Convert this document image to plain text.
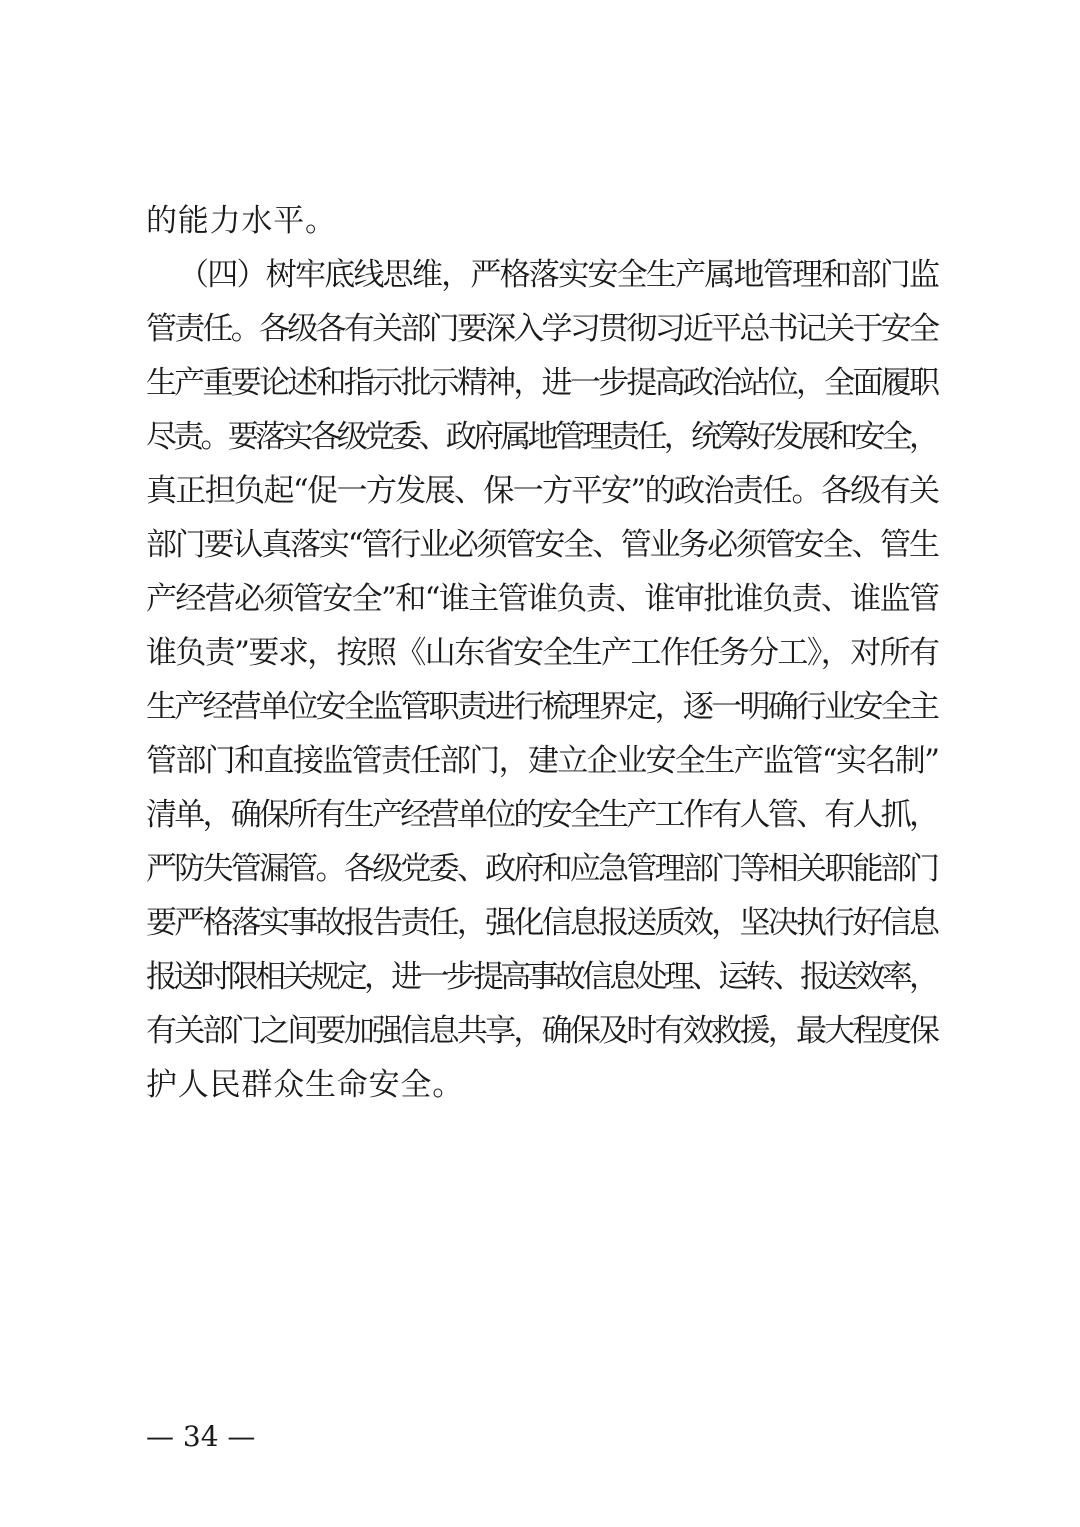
的能力水平。
（四）树牢底线思维，严格落实安全生产属地管理和部门监
管责任。各级各有关部门要深入学习贯彻习近平总书记关于安全
生产重要论述和指示批示精神，进一步提高政治站位，全面履职
尽责。要落实各级党委、政府属地管理责任，统筹好发展和安全，
真正担负起“促一方发展、保一方平安”的政治责任。各级有关
部门要认真落实“管行业必须管安全、管业务必须管安全、管生
产经营必须管安全”和“谁主管谁负责、谁审批谁负责、谁监管
谁负责”要求，按照《山东省安全生产工作任务分工》，对所有
生产经营单位安全监管职责进行梳理界定，逐一明确行业安全主
管部门和直接监管责任部门，建立企业安全生产监管“实名制”
清单，确保所有生产经营单位的安全生产工作有人管、有人抓，
严防失管漏管。各级党委、政府和应急管理部门等相关职能部门
要严格落实事故报告责任，强化信息报送质效，坚决执行好信息
报送时限相关规定，进一步提高事故信息处理、运转、报送效率，
有关部门之间要加强信息共享，确保及时有效救援，最大程度保
护人民群众生命安全。
— 34 —
